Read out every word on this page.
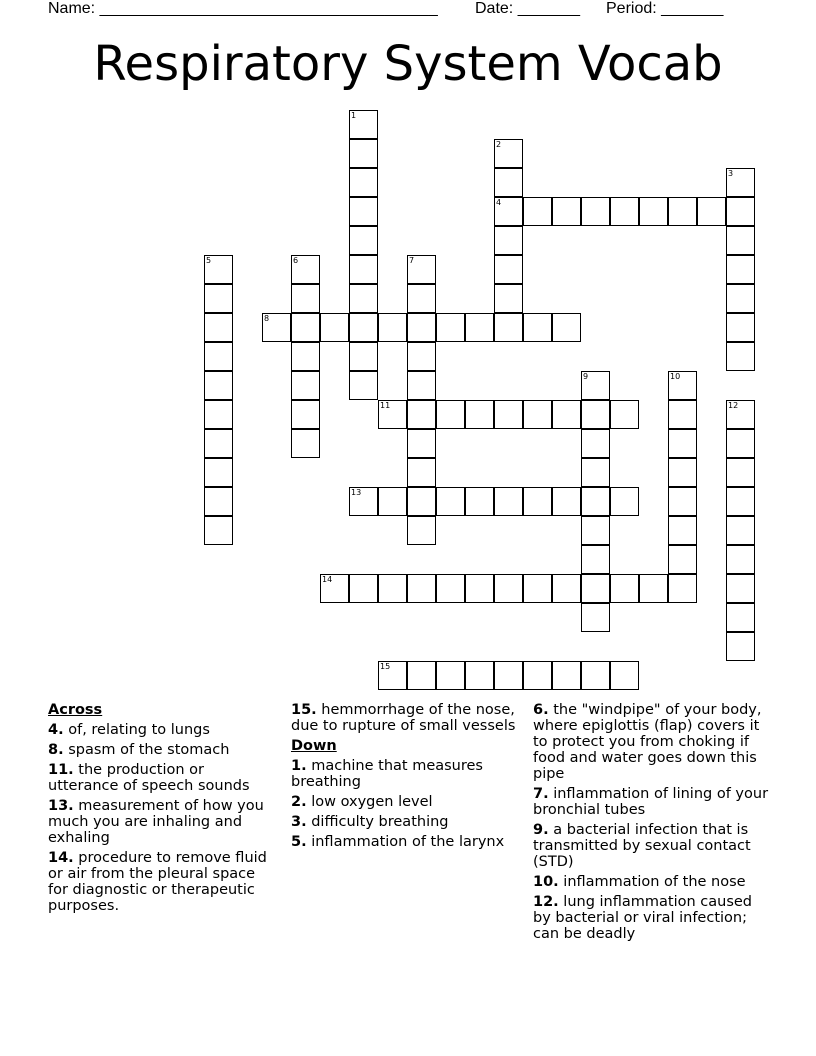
Name: ______________________________________ Date: _______ Period: _______
Respiratory System Vocab
1
2
4
3
5	6	7
8
9	10
11	12
13
14
15
Across
4. of, relating to lungs
8. spasm of the stomach
11. the production or utterance of speech sounds
13. measurement of how you much you are inhaling and exhaling
14. procedure to remove fluid or air from the pleural space for diagnostic or therapeutic purposes.
15. hemmorrhage of the nose, due to rupture of small vessels
Down
1. machine that measures breathing
2. low oxygen level
3. difficulty breathing
5. inflammation of the larynx
6. the "windpipe" of your body, where epiglottis (flap) covers it to protect you from choking if food and water goes down this pipe
7. inflammation of lining of your bronchial tubes
9. a bacterial infection that is transmitted by sexual contact (STD)
10. inflammation of the nose
12. lung inflammation caused by bacterial or viral infection; can be deadly
